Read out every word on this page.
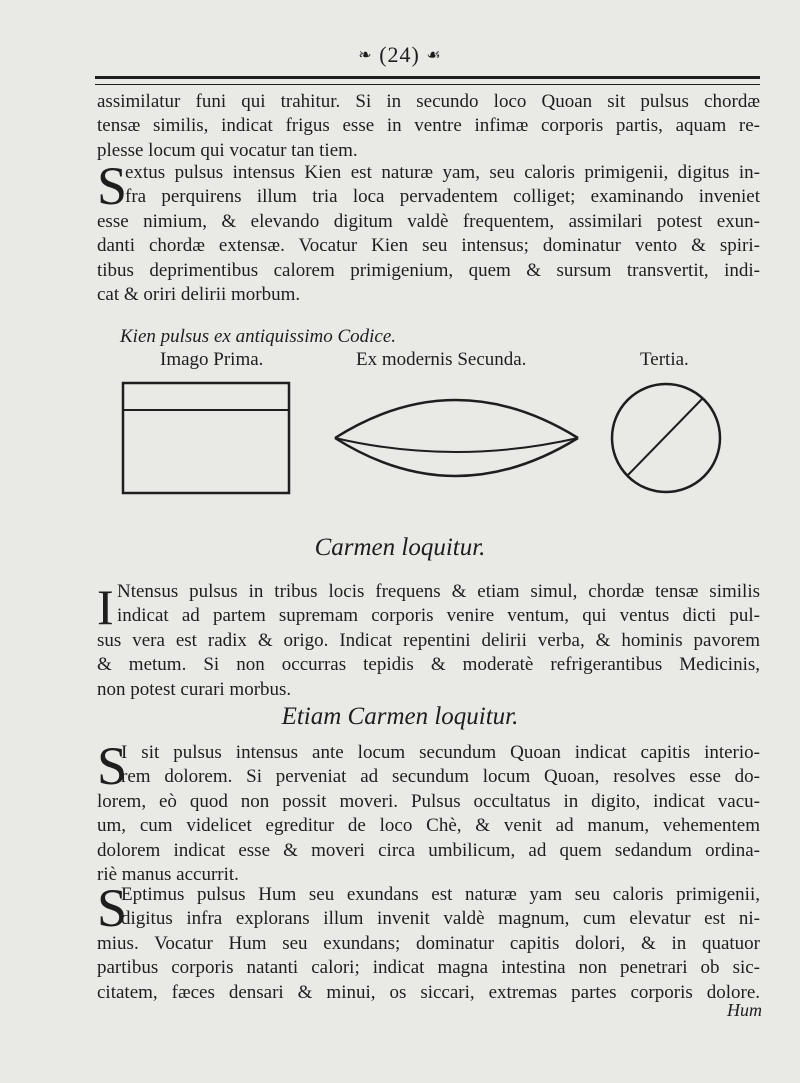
❧ (24) ☙
assimilatur funi qui trahitur. Si in secundo loco Quoan sit pulsus chordæ
tensæ similis, indicat frigus esse in ventre infimæ corporis partis, aquam re-
plesse locum qui vocatur tan tiem.
S
extus pulsus intensus Kien est naturæ yam, seu caloris primigenii, digitus in-
fra perquirens illum tria loca pervadentem colliget; examinando inveniet
esse nimium, & elevando digitum valdè frequentem, assimilari potest exun-
danti chordæ extensæ. Vocatur Kien seu intensus; dominatur vento & spiri-
tibus deprimentibus calorem primigenium, quem & sursum transvertit, indi-
cat & oriri delirii morbum.
Kien pulsus ex antiquissimo Codice.
Imago Prima.	Ex modernis Secunda.	Tertia.
Carmen loquitur.
I Ntensus pulsus in tribus locis frequens & etiam simul, chordæ tensæ similis
indicat ad partem supremam corporis venire ventum, qui ventus dicti pul-
sus vera est radix & origo. Indicat repentini delirii verba, & hominis pavorem
& metum. Si non occurras tepidis & moderatè refrigerantibus Medicinis,
non potest curari morbus.
Etiam Carmen loquitur.
S
I sit pulsus intensus ante locum secundum Quoan indicat capitis interio-
rem dolorem. Si perveniat ad secundum locum Quoan, resolves esse do-
lorem, eò quod non possit moveri. Pulsus occultatus in digito, indicat vacu-
um, cum videlicet egreditur de loco Chè, & venit ad manum, vehementem
dolorem indicat esse & moveri circa umbilicum, ad quem sedandum ordina-
riè manus accurrit.
S
Eptimus pulsus Hum seu exundans est naturæ yam seu caloris primigenii,
digitus infra explorans illum invenit valdè magnum, cum elevatur est ni-
mius. Vocatur Hum seu exundans; dominatur capitis dolori, & in quatuor
partibus corporis natanti calori; indicat magna intestina non penetrari ob sic-
citatem, fæces densari & minui, os siccari, extremas partes corporis dolore.
Hum
